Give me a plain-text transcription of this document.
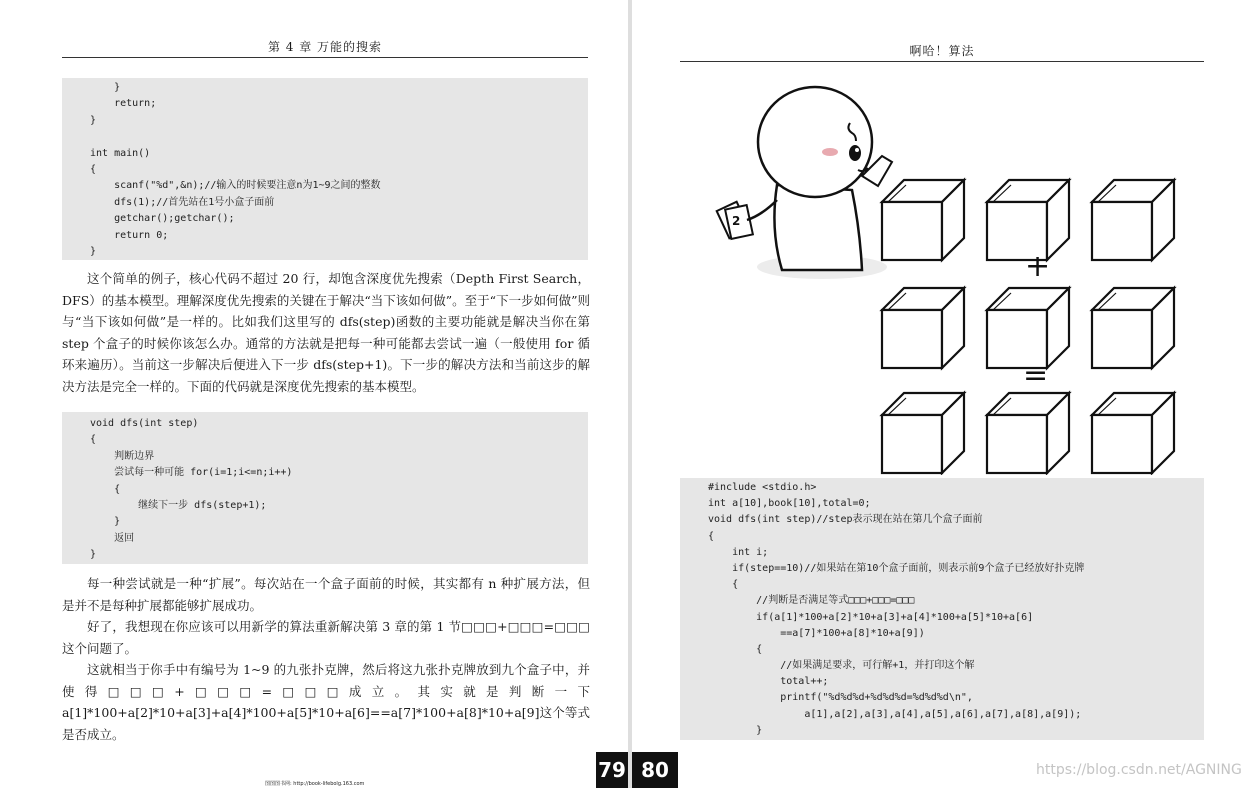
第 4 章 万能的搜索
}
return;
}
int main()
{
scanf("%d",&n);//输入的时候要注意n为1~9之间的整数
dfs(1);//首先站在1号小盒子面前
getchar();getchar();
return 0;
}

这个简单的例子，核心代码不超过 20 行，却饱含深度优先搜索（Depth First Search，DFS）的基本模型。理解深度优先搜索的关键在于解决“当下该如何做”。至于“下一步如何做”则与“当下该如何做”是一样的。比如我们这里写的 dfs(step)函数的主要功能就是解决当你在第 step 个盒子的时候你该怎么办。通常的方法就是把每一种可能都去尝试一遍（一般使用 for 循环来遍历）。当前这一步解决后便进入下一步 dfs(step+1)。下一步的解决方法和当前这步的解决方法是完全一样的。下面的代码就是深度优先搜索的基本模型。

void dfs(int step)
{
判断边界
尝试每一种可能 for(i=1;i<=n;i++)
{
继续下一步 dfs(step+1);
}
返回
}

每一种尝试就是一种“扩展”。每次站在一个盒子面前的时候，其实都有 n 种扩展方法，但是并不是每种扩展都能够扩展成功。

好了，我想现在你应该可以用新学的算法重新解决第 3 章的第 1 节□□□+□□□=□□□这个问题了。

这就相当于你手中有编号为 1~9 的九张扑克牌，然后将这九张扑克牌放到九个盒子中，并使得□□□+□□□=□□□成立。其实就是判断一下 a[1]*100+a[2]*10+a[3]+a[4]*100+a[5]*10+a[6]==a[7]*100+a[8]*10+a[9]这个等式是否成立。

79
图图图书网: http://book-lifebolg.163.com
啊哈！算法
2
+
=
#include <stdio.h>
int a[10],book[10],total=0;
void dfs(int step)//step表示现在站在第几个盒子面前
{
int i;
if(step==10)//如果站在第10个盒子面前，则表示前9个盒子已经放好扑克牌
{
//判断是否满足等式□□□+□□□=□□□
if(a[1]*100+a[2]*10+a[3]+a[4]*100+a[5]*10+a[6]
==a[7]*100+a[8]*10+a[9])
{
//如果满足要求，可行解+1，并打印这个解
total++;
printf("%d%d%d+%d%d%d=%d%d%d\n",
a[1],a[2],a[3],a[4],a[5],a[6],a[7],a[8],a[9]);
}
80	https://blog.csdn.net/AGNING
